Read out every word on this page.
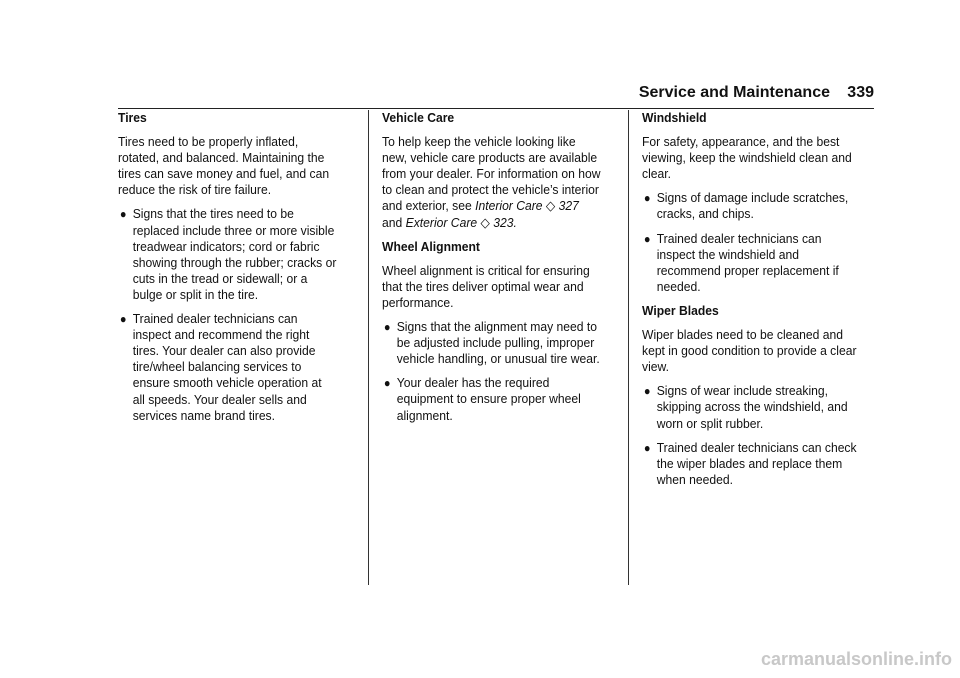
Service and Maintenance 339
Tires
Tires need to be properly inflated, rotated, and balanced. Maintaining the tires can save money and fuel, and can reduce the risk of tire failure.
● Signs that the tires need to be replaced include three or more visible treadwear indicators; cord or fabric showing through the rubber; cracks or cuts in the tread or sidewall; or a bulge or split in the tire.
● Trained dealer technicians can inspect and recommend the right tires. Your dealer can also provide tire/wheel balancing services to ensure smooth vehicle operation at all speeds. Your dealer sells and services name brand tires.
Vehicle Care
To help keep the vehicle looking like new, vehicle care products are available from your dealer. For information on how to clean and protect the vehicle’s interior and exterior, see Interior Care ◇ 327 and Exterior Care ◇ 323.
Wheel Alignment
Wheel alignment is critical for ensuring that the tires deliver optimal wear and performance.
● Signs that the alignment may need to be adjusted include pulling, improper vehicle handling, or unusual tire wear.
● Your dealer has the required equipment to ensure proper wheel alignment.
Windshield
For safety, appearance, and the best viewing, keep the windshield clean and clear.
● Signs of damage include scratches, cracks, and chips.
● Trained dealer technicians can inspect the windshield and recommend proper replacement if needed.
Wiper Blades
Wiper blades need to be cleaned and kept in good condition to provide a clear view.
● Signs of wear include streaking, skipping across the windshield, and worn or split rubber.
● Trained dealer technicians can check the wiper blades and replace them when needed.
carmanualsonline.info
